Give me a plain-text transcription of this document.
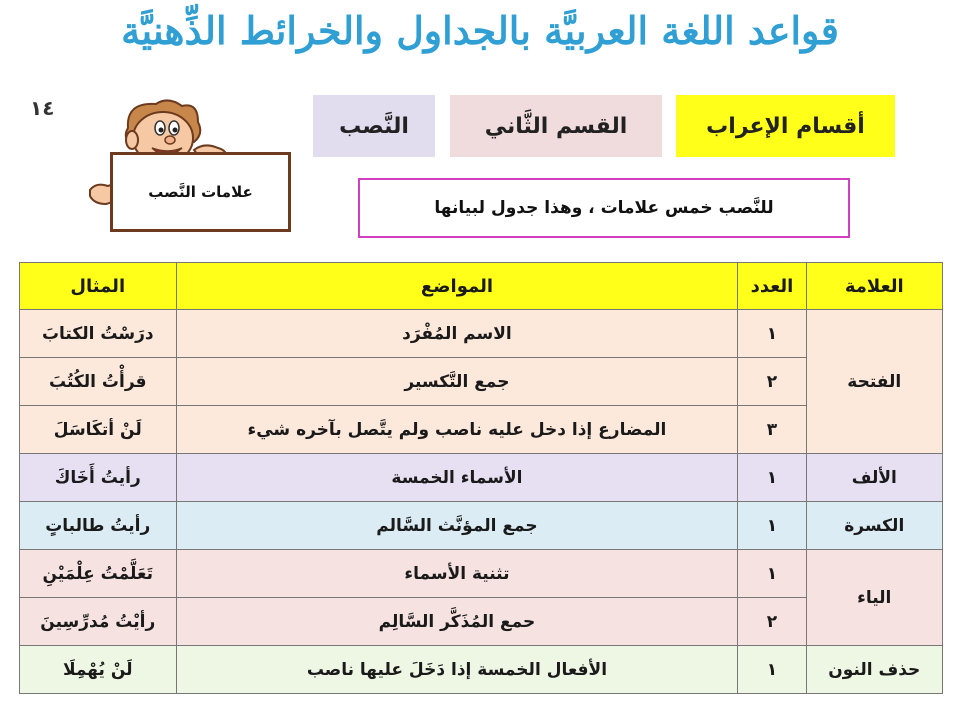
قواعد اللغة العربيَّة بالجداول والخرائط الذِّهنيَّة
١٤
أقسام الإعراب
القسم الثَّاني
النَّصب
علامات النَّصب
للنَّصب خمس علامات ، وهذا جدول لبيانها
العلامة	العدد	المواضع	المثال
الفتحة	١	الاسم المُفْرَد	درَسْتُ الكتابَ
	٢	جمع التَّكسير	قرأْتُ الكُتُبَ
	٣	المضارع إذا دخل عليه ناصب ولم يتَّصل بآخره شيء	لَنْ أتكَاسَلَ
الألف	١	الأسماء الخمسة	رأيتُ أَخَاكَ
الكسرة	١	جمع المؤنَّث السَّالم	رأيتُ طالباتٍ
الياء	١	تثنية الأسماء	تَعَلَّمْتُ عِلْمَيْنِ
	٢	حمع المُذَكَّر السَّالِم	رأيْتُ مُدرِّسِينَ
حذف النون	١	الأفعال الخمسة إذا دَخَلَ عليها ناصب	لَنْ يُهْمِلَا
